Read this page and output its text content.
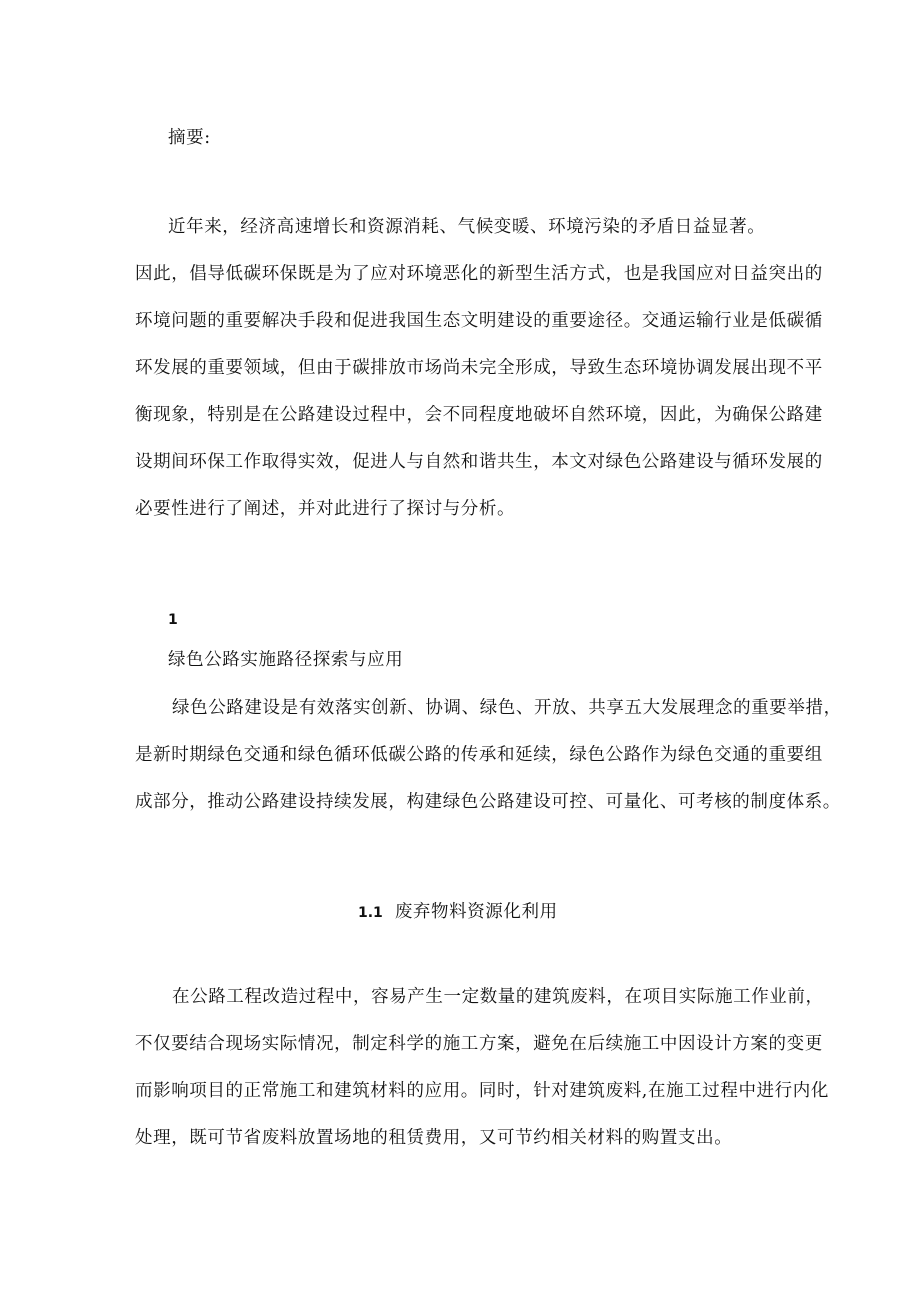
摘要:
近年来，经济高速增长和资源消耗、气候变暖、环境污染的矛盾日益显著。
因此，倡导低碳环保既是为了应对环境恶化的新型生活方式，也是我国应对日益突出的
环境问题的重要解决手段和促进我国生态文明建设的重要途径。交通运输行业是低碳循
环发展的重要领域，但由于碳排放市场尚未完全形成，导致生态环境协调发展出现不平
衡现象，特别是在公路建设过程中，会不同程度地破坏自然环境，因此，为确保公路建
设期间环保工作取得实效，促进人与自然和谐共生，本文对绿色公路建设与循环发展的
必要性进行了阐述，并对此进行了探讨与分析。
1
绿色公路实施路径探索与应用
绿色公路建设是有效落实创新、协调、绿色、开放、共享五大发展理念的重要举措，
是新时期绿色交通和绿色循环低碳公路的传承和延续，绿色公路作为绿色交通的重要组
成部分，推动公路建设持续发展，构建绿色公路建设可控、可量化、可考核的制度体系。
1.1 废弃物料资源化利用
在公路工程改造过程中，容易产生一定数量的建筑废料，在项目实际施工作业前，
不仅要结合现场实际情况，制定科学的施工方案，避免在后续施工中因设计方案的变更
而影响项目的正常施工和建筑材料的应用。同时，针对建筑废料,在施工过程中进行内化
处理，既可节省废料放置场地的租赁费用，又可节约相关材料的购置支出。
